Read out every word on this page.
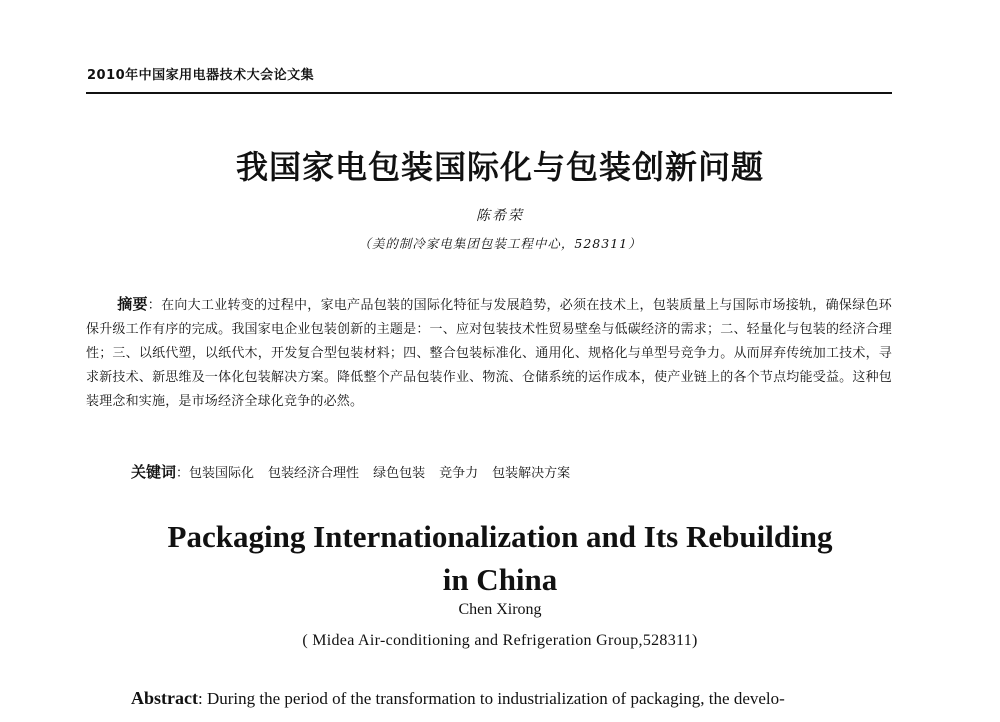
2010年中国家用电器技术大会论文集
我国家电包装国际化与包装创新问题
陈希荣
（美的制冷家电集团包装工程中心，528311）

摘要：在向大工业转变的过程中，家电产品包装的国际化特征与发展趋势，必须在技术上，包装质量上与国际市场接轨，确保绿色环保升级工作有序的完成。我国家电企业包装创新的主题是：一、应对包装技术性贸易壁垒与低碳经济的需求；二、轻量化与包装的经济合理性；三、以纸代塑，以纸代木，开发复合型包装材料；四、整合包装标准化、通用化、规格化与单型号竞争力。从而屏弃传统加工技术，寻求新技术、新思维及一体化包装解决方案。降低整个产品包装作业、物流、仓储系统的运作成本，使产业链上的各个节点均能受益。这种包装理念和实施，是市场经济全球化竞争的必然。

关键词：包装国际化 包装经济合理性 绿色包装 竞争力 包装解决方案
Packaging Internationalization and Its Rebuilding
in China
Chen Xirong
( Midea Air-conditioning and Refrigeration Group,528311)

Abstract: During the period of the transformation to industrialization of packaging, the develo-
